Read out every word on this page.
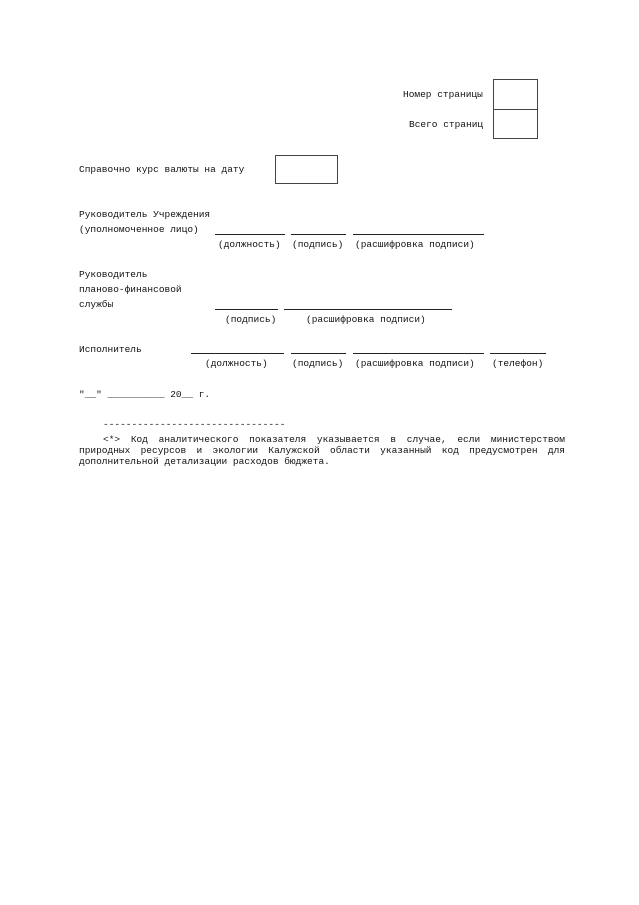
Номер страницы
Всего страниц
Справочно курс валюты на дату
Руководитель Учреждения
(уполномоченное лицо)
(должность) (подпись) (расшифровка подписи)
Руководитель
планово-финансовой
службы
(подпись)	(расшифровка подписи)
Исполнитель
(должность)	(подпись) (расшифровка подписи) (телефон)
"__" __________ 20__ г.
--------------------------------
<*> Код аналитического показателя указывается в случае, если министерством природных ресурсов и экологии Калужской области указанный код предусмотрен для дополнительной детализации расходов бюджета.
